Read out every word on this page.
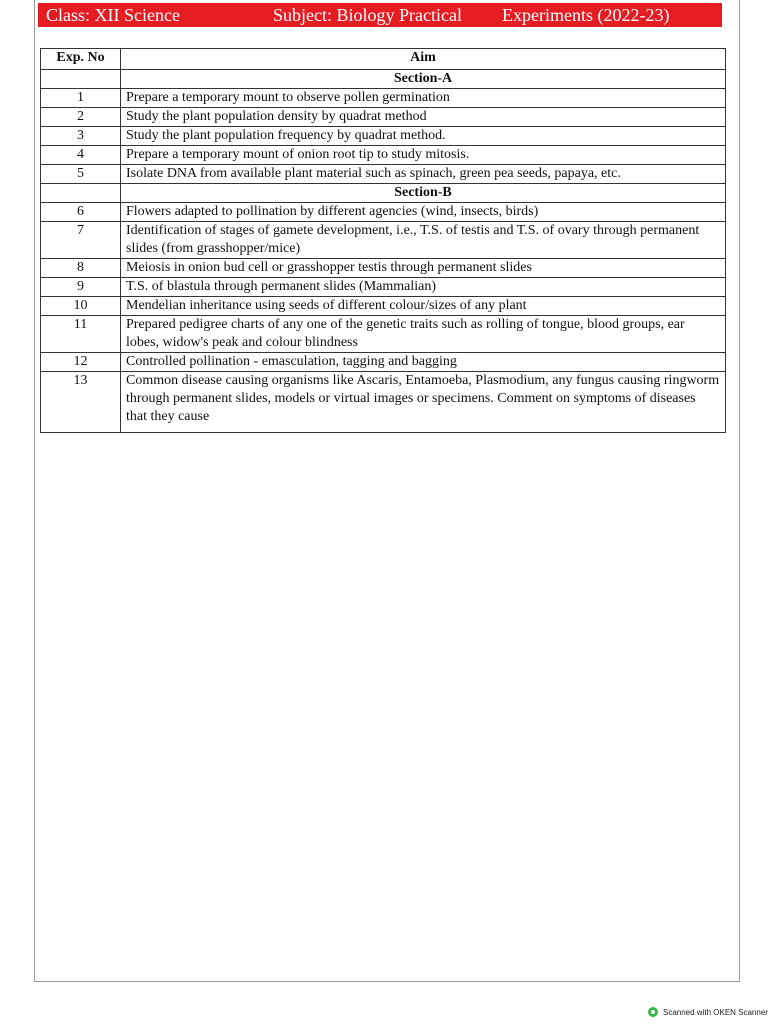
Class: XII Science	Subject: Biology Practical Experiments (2022-23)
Exp. No	Aim
	Section-A
1	Prepare a temporary mount to observe pollen germination
2	Study the plant population density by quadrat method
3	Study the plant population frequency by quadrat method.
4	Prepare a temporary mount of onion root tip to study mitosis.
5	Isolate DNA from available plant material such as spinach, green pea seeds, papaya, etc.
	Section-B
6	Flowers adapted to pollination by different agencies (wind, insects, birds)
7	Identification of stages of gamete development, i.e., T.S. of testis and T.S. of ovary through permanent slides (from grasshopper/mice)
8	Meiosis in onion bud cell or grasshopper testis through permanent slides
9	T.S. of blastula through permanent slides (Mammalian)
10	Mendelian inheritance using seeds of different colour/sizes of any plant
11	Prepared pedigree charts of any one of the genetic traits such as rolling of tongue, blood groups, ear lobes, widow's peak and colour blindness
12	Controlled pollination - emasculation, tagging and bagging
13	Common disease causing organisms like Ascaris, Entamoeba, Plasmodium, any fungus causing ringworm through permanent slides, models or virtual images or specimens. Comment on symptoms of diseases that they cause
Scanned with OKEN Scanner
